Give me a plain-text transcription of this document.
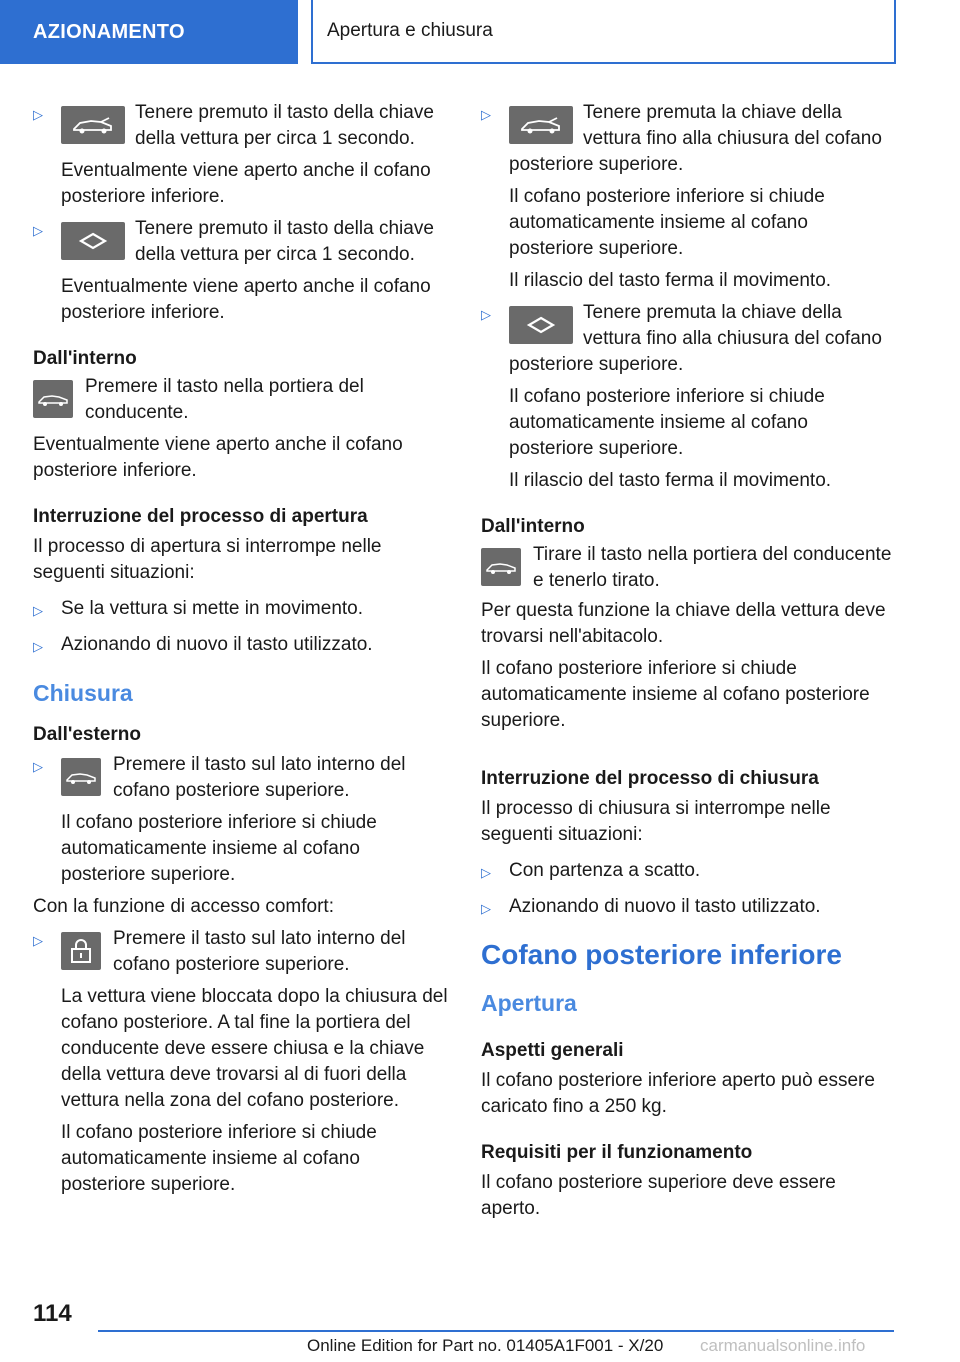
AZIONAMENTO	Apertura e chiusura
▷	Tenere premuto il tasto della chiave della vettura per circa 1 secondo.

Eventualmente viene aperto anche il cofano posteriore inferiore.

▷	Tenere premuto il tasto della chiave della vettura per circa 1 secondo.

Eventualmente viene aperto anche il cofano posteriore inferiore.

Dall'interno

Premere il tasto nella portiera del conducente.

Eventualmente viene aperto anche il cofano posteriore inferiore.

Interruzione del processo di apertura

Il processo di apertura si interrompe nelle seguenti situazioni:

▷ Se la vettura si mette in movimento.

▷ Azionando di nuovo il tasto utilizzato.

Chiusura

Dall'esterno

▷	Premere il tasto sul lato interno del cofano posteriore superiore.

Il cofano posteriore inferiore si chiude automaticamente insieme al cofano posteriore superiore.

Con la funzione di accesso comfort:

▷	Premere il tasto sul lato interno del cofano posteriore superiore.

La vettura viene bloccata dopo la chiusura del cofano posteriore. A tal fine la portiera del conducente deve essere chiusa e la chiave della vettura deve trovarsi al di fuori della vettura nella zona del cofano posteriore.

Il cofano posteriore inferiore si chiude automaticamente insieme al cofano posteriore superiore.

▷	Tenere premuta la chiave della vettura fino alla chiusura del cofano posteriore superiore.

Il cofano posteriore inferiore si chiude automaticamente insieme al cofano posteriore superiore.

Il rilascio del tasto ferma il movimento.

▷	Tenere premuta la chiave della vettura fino alla chiusura del cofano posteriore superiore.

Il cofano posteriore inferiore si chiude automaticamente insieme al cofano posteriore superiore.

Il rilascio del tasto ferma il movimento.

Dall'interno

Tirare il tasto nella portiera del conducente e tenerlo tirato.

Per questa funzione la chiave della vettura deve trovarsi nell'abitacolo.

Il cofano posteriore inferiore si chiude automaticamente insieme al cofano posteriore superiore.

Interruzione del processo di chiusura

Il processo di chiusura si interrompe nelle seguenti situazioni:

▷ Con partenza a scatto.

▷ Azionando di nuovo il tasto utilizzato.

Cofano posteriore inferiore
Apertura

Aspetti generali

Il cofano posteriore inferiore aperto può essere caricato fino a 250 kg.

Requisiti per il funzionamento

Il cofano posteriore superiore deve essere aperto.

114
Online Edition for Part no. 01405A1F001 - X/20 carmanualsonline.info
